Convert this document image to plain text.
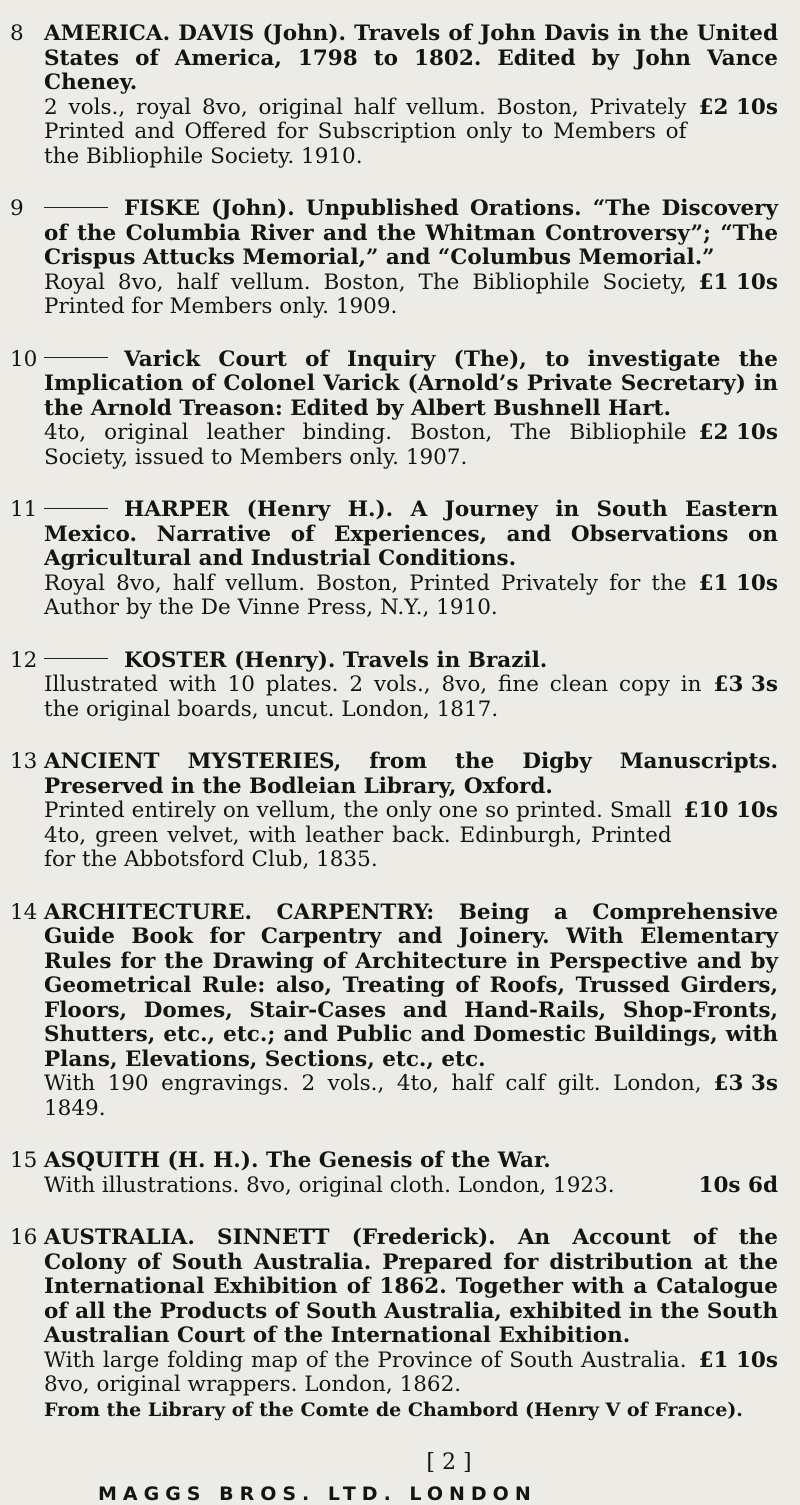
8 AMERICA. DAVIS (John). Travels of John Davis in the United States of America, 1798 to 1802. Edited by John Vance Cheney.
2 vols., royal 8vo, original half vellum. Boston, Privately Printed and Offered for Subscription only to Members of the Bibliophile Society. 1910.
£2 10s
9	FISKE (John). Unpublished Orations. “The Discovery of the Columbia River and the Whitman Controversy”; “The Crispus Attucks Memorial,” and “Columbus Memorial.”
Royal 8vo, half vellum. Boston, The Bibliophile Society, Printed for Members only. 1909.
£1 10s
10	Varick Court of Inquiry (The), to investigate the Implication of Colonel Varick (Arnold’s Private Secretary) in the Arnold Treason: Edited by Albert Bushnell Hart.
4to, original leather binding. Boston, The Bibliophile Society, issued to Members only. 1907.
£2 10s
11	HARPER (Henry H.). A Journey in South Eastern Mexico. Narrative of Experiences, and Observations on Agricultural and Industrial Conditions.
Royal 8vo, half vellum. Boston, Printed Privately for the Author by the De Vinne Press, N.Y., 1910.
£1 10s
12	KOSTER (Henry). Travels in Brazil.
Illustrated with 10 plates. 2 vols., 8vo, fine clean copy in the original boards, uncut. London, 1817.
£3 3s
13 ANCIENT MYSTERIES, from the Digby Manuscripts. Preserved in the Bodleian Library, Oxford.
Printed entirely on vellum, the only one so printed. Small 4to, green velvet, with leather back. Edinburgh, Printed for the Abbotsford Club, 1835.
£10 10s
14 ARCHITECTURE. CARPENTRY: Being a Comprehensive Guide Book for Carpentry and Joinery. With Elementary Rules for the Drawing of Architecture in Perspective and by Geometrical Rule: also, Treating of Roofs, Trussed Girders, Floors, Domes, Stair-Cases and Hand-Rails, Shop-Fronts, Shutters, etc., etc.; and Public and Domestic Buildings, with Plans, Elevations, Sections, etc., etc.
With 190 engravings. 2 vols., 4to, half calf gilt. London, 1849.
£3 3s
15 ASQUITH (H. H.). The Genesis of the War.
With illustrations. 8vo, original cloth. London, 1923.	10s 6d
16 AUSTRALIA. SINNETT (Frederick). An Account of the Colony of South Australia. Prepared for distribution at the International Exhibition of 1862. Together with a Catalogue of all the Products of South Australia, exhibited in the South Australian Court of the International Exhibition.
With large folding map of the Province of South Australia. 8vo, original wrappers. London, 1862.
£1 10s
From the Library of the Comte de Chambord (Henry V of France).
[ 2 ]
MAGGS BROS. LTD. LONDON
